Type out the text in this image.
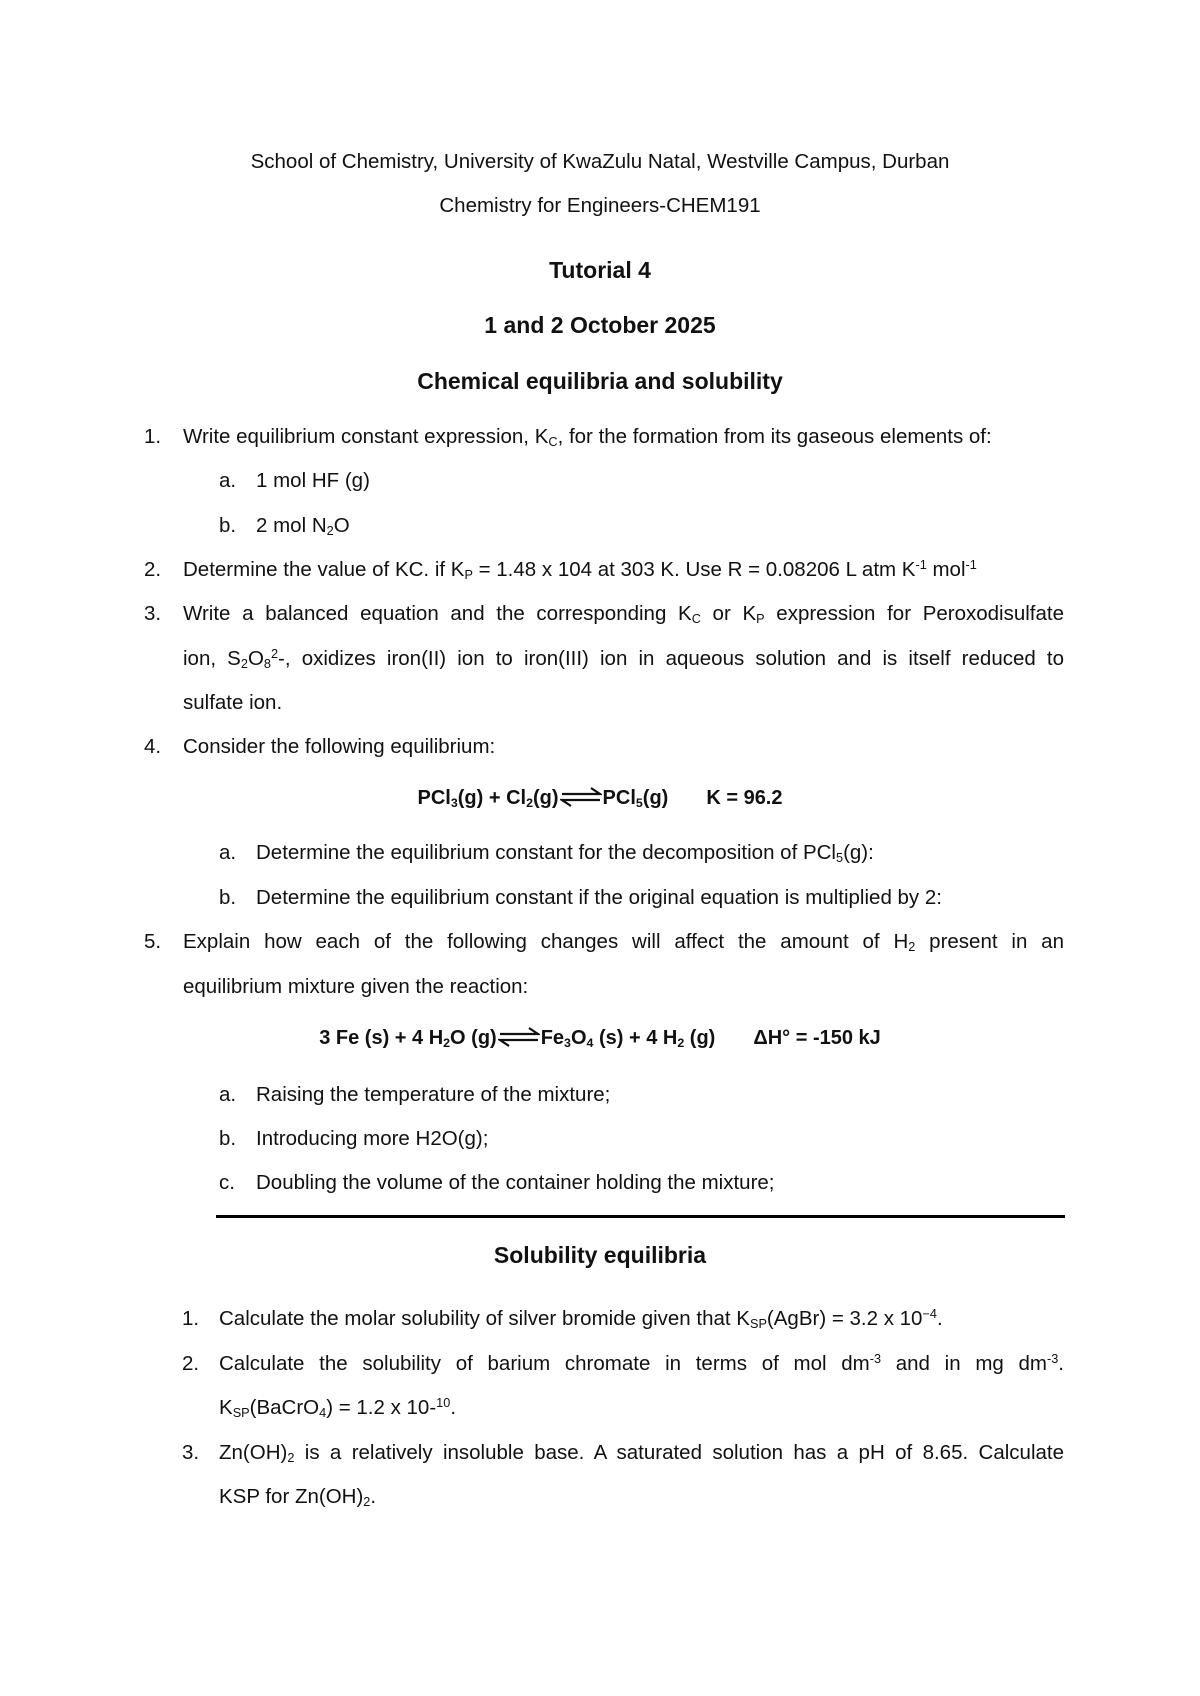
School of Chemistry, University of KwaZulu Natal, Westville Campus, Durban
Chemistry for Engineers-CHEM191
Tutorial 4
1 and 2 October 2025
Chemical equilibria and solubility
1. Write equilibrium constant expression, $K_C$, for the formation from its gaseous elements of:
a. 1 mol HF (g)
b. 2 mol $N_2O$
2. Determine the value of KC. if $K_P = 1.48$ x 104 at 303 K. Use R = 0.08206 L atm $K^{-1}$ mol$^{-1}$
3. Write a balanced equation and the corresponding $K_C$ or $K_P$ expression for Peroxodisulfate
ion, $S_2O_8^2-$, oxidizes iron(II) ion to iron(III) ion in aqueous solution and is itself reduced to
sulfate ion.
4. Consider the following equilibrium:
$PCl_3(g) + Cl_2(g)\rightleftharpoons PCl_5(g) K = 96.2$
a. Determine the equilibrium constant for the decomposition of PCl$_5$(g):
b. Determine the equilibrium constant if the original equation is multiplied by 2:
5. Explain how each of the following changes will affect the amount of $H_2$ present in an
equilibrium mixture given the reaction:
3 Fe (s) + 4 $H_2O$ $(g)\rightleftharpoons Fe_3O_4$ (s) + 4 $H_2$ (g) ΔH° = -150 kJ
a. Raising the temperature of the mixture;
b. Introducing more H2O(g);
c. Doubling the volume of the container holding the mixture;
Solubility equilibria
1. Calculate the molar solubility of silver bromide given that $K_{SP}(AgBr) = 3.2$ x $10^{-4}$.
2. Calculate the solubility of barium chromate in terms of mol $dm^{-3}$ and in mg $dm^{-3}$.
$K_{SP}(BaCrO_4) = 1.2$ x 10-$^{10}$.
3. $Zn(OH)_2$ is a relatively insoluble base. A saturated solution has a pH of 8.65. Calculate
KSP for $Zn(OH)_2$.
